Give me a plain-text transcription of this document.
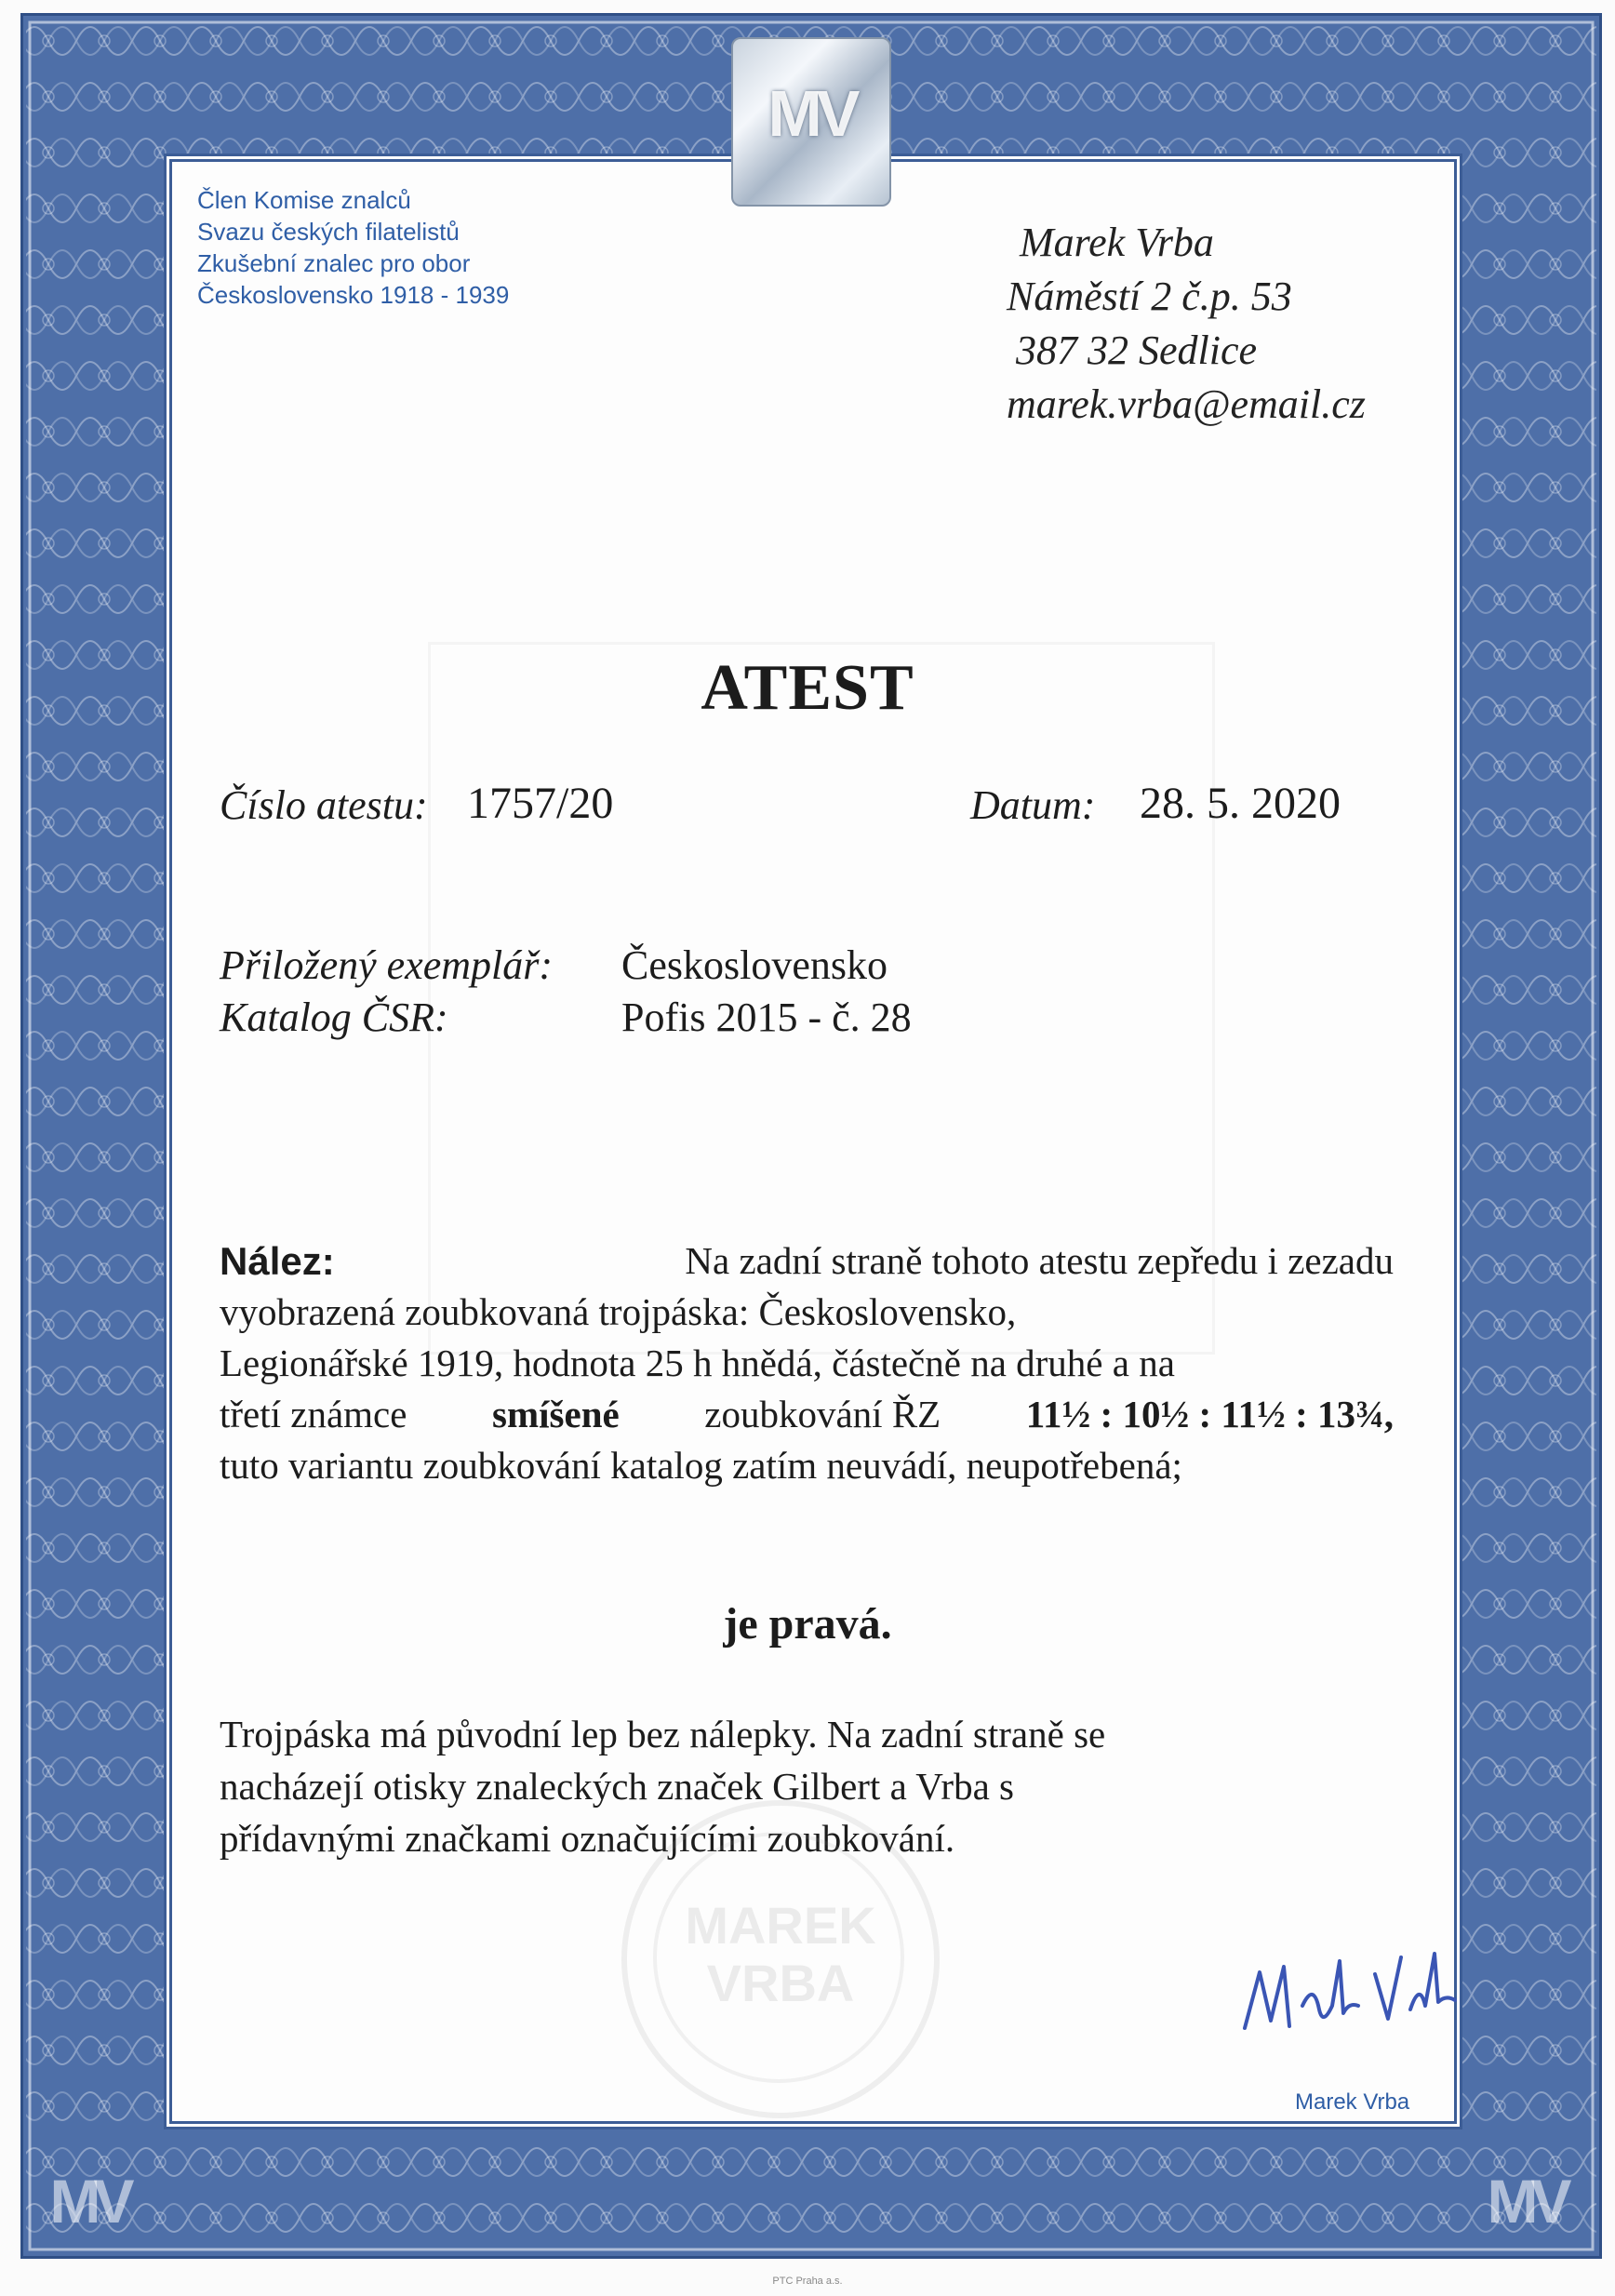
MV
Člen Komise znalců
Svazu českých filatelistů
Zkušební znalec pro obor
Československo 1918 - 1939
Marek Vrba
Náměstí 2 č.p. 53
387 32 Sedlice
marek.vrba@email.cz
ATEST
Číslo atestu: 1757/20	Datum: 28. 5. 2020
Přiložený exemplář: Československo
Katalog ČSR:	Pofis 2015 - č. 28
Nález:	Na zadní straně tohoto atestu zepředu i zezadu
vyobrazená zoubkovaná trojpáska: Československo,
Legionářské 1919, hodnota 25 h hnědá, částečně na druhé a na
třetí známce smíšené zoubkování ŘZ 11½ : 10½ : 11½ : 13¾,
tuto variantu zoubkování katalog zatím neuvádí, neupotřebená;
je pravá.
Trojpáska má původní lep bez nálepky. Na zadní straně se
nacházejí otisky znaleckých značek Gilbert a Vrba s
přídavnými značkami označujícími zoubkování.
MAREK
VRBA
Marek Vrba
MV	MV
PTC Praha a.s.
